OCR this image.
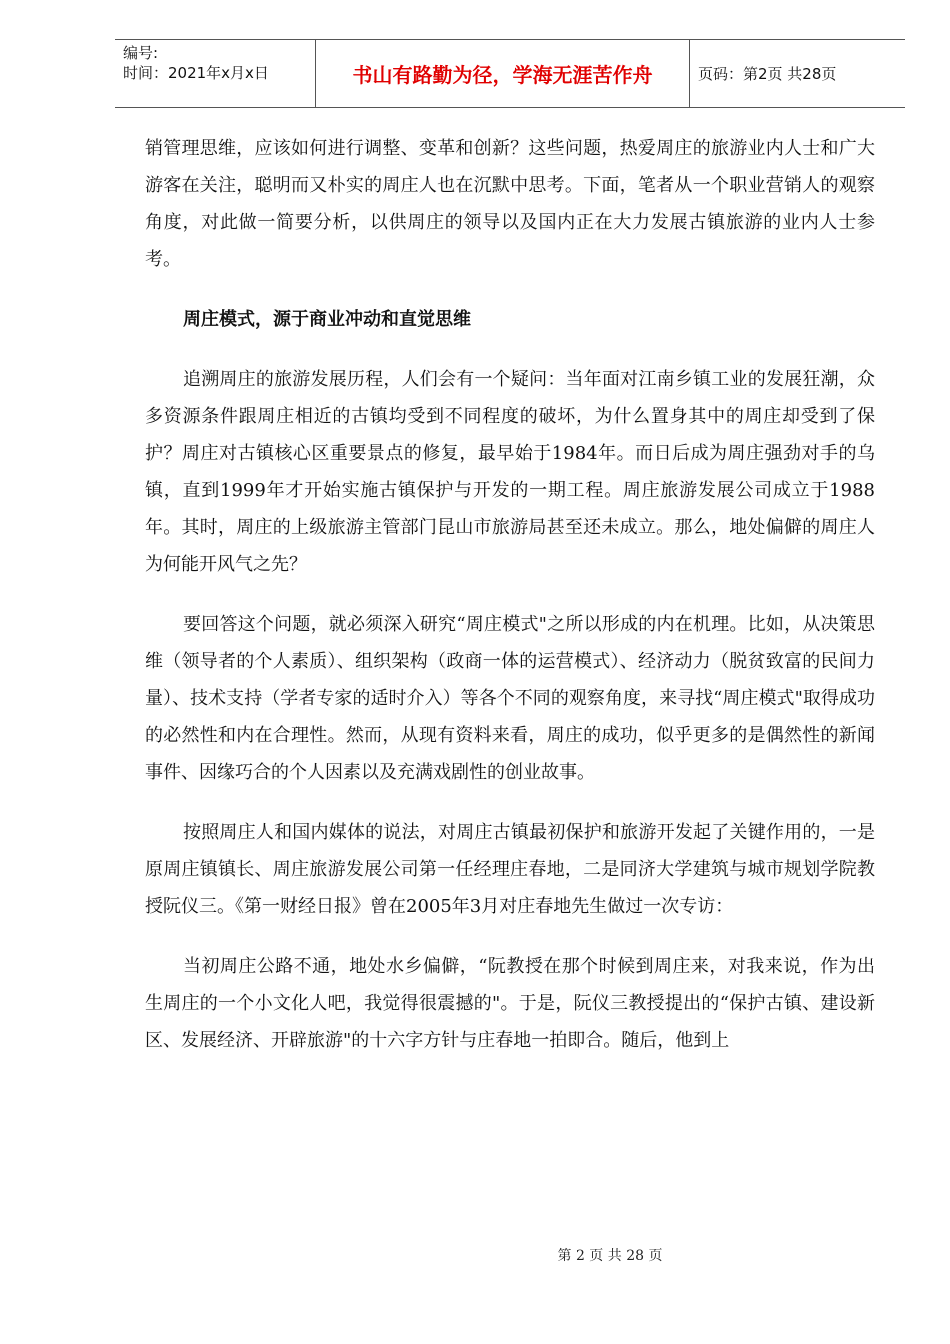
编号:
时间：2021年x月x日	书山有路勤为径，学海无涯苦作舟	页码：第2页 共28页

销管理思维，应该如何进行调整、变革和创新？这些问题，热爱周庄的旅游业内人士和广大游客在关注，聪明而又朴实的周庄人也在沉默中思考。下面，笔者从一个职业营销人的观察角度，对此做一简要分析，以供周庄的领导以及国内正在大力发展古镇旅游的业内人士参考。

周庄模式，源于商业冲动和直觉思维

追溯周庄的旅游发展历程，人们会有一个疑问：当年面对江南乡镇工业的发展狂潮，众多资源条件跟周庄相近的古镇均受到不同程度的破坏，为什么置身其中的周庄却受到了保护？周庄对古镇核心区重要景点的修复，最早始于1984年。而日后成为周庄强劲对手的乌镇，直到1999年才开始实施古镇保护与开发的一期工程。周庄旅游发展公司成立于1988年。其时，周庄的上级旅游主管部门昆山市旅游局甚至还未成立。那么，地处偏僻的周庄人为何能开风气之先？

要回答这个问题，就必须深入研究“周庄模式"之所以形成的内在机理。比如，从决策思维（领导者的个人素质）、组织架构（政商一体的运营模式）、经济动力（脱贫致富的民间力量）、技术支持（学者专家的适时介入）等各个不同的观察角度，来寻找“周庄模式"取得成功的必然性和内在合理性。然而，从现有资料来看，周庄的成功，似乎更多的是偶然性的新闻事件、因缘巧合的个人因素以及充满戏剧性的创业故事。

按照周庄人和国内媒体的说法，对周庄古镇最初保护和旅游开发起了关键作用的，一是原周庄镇镇长、周庄旅游发展公司第一任经理庄春地，二是同济大学建筑与城市规划学院教授阮仪三。《第一财经日报》曾在2005年3月对庄春地先生做过一次专访：

当初周庄公路不通，地处水乡偏僻，“阮教授在那个时候到周庄来，对我来说，作为出生周庄的一个小文化人吧，我觉得很震撼的"。于是，阮仪三教授提出的“保护古镇、建设新区、发展经济、开辟旅游"的十六字方针与庄春地一拍即合。随后，他到上

第 2 页 共 28 页
